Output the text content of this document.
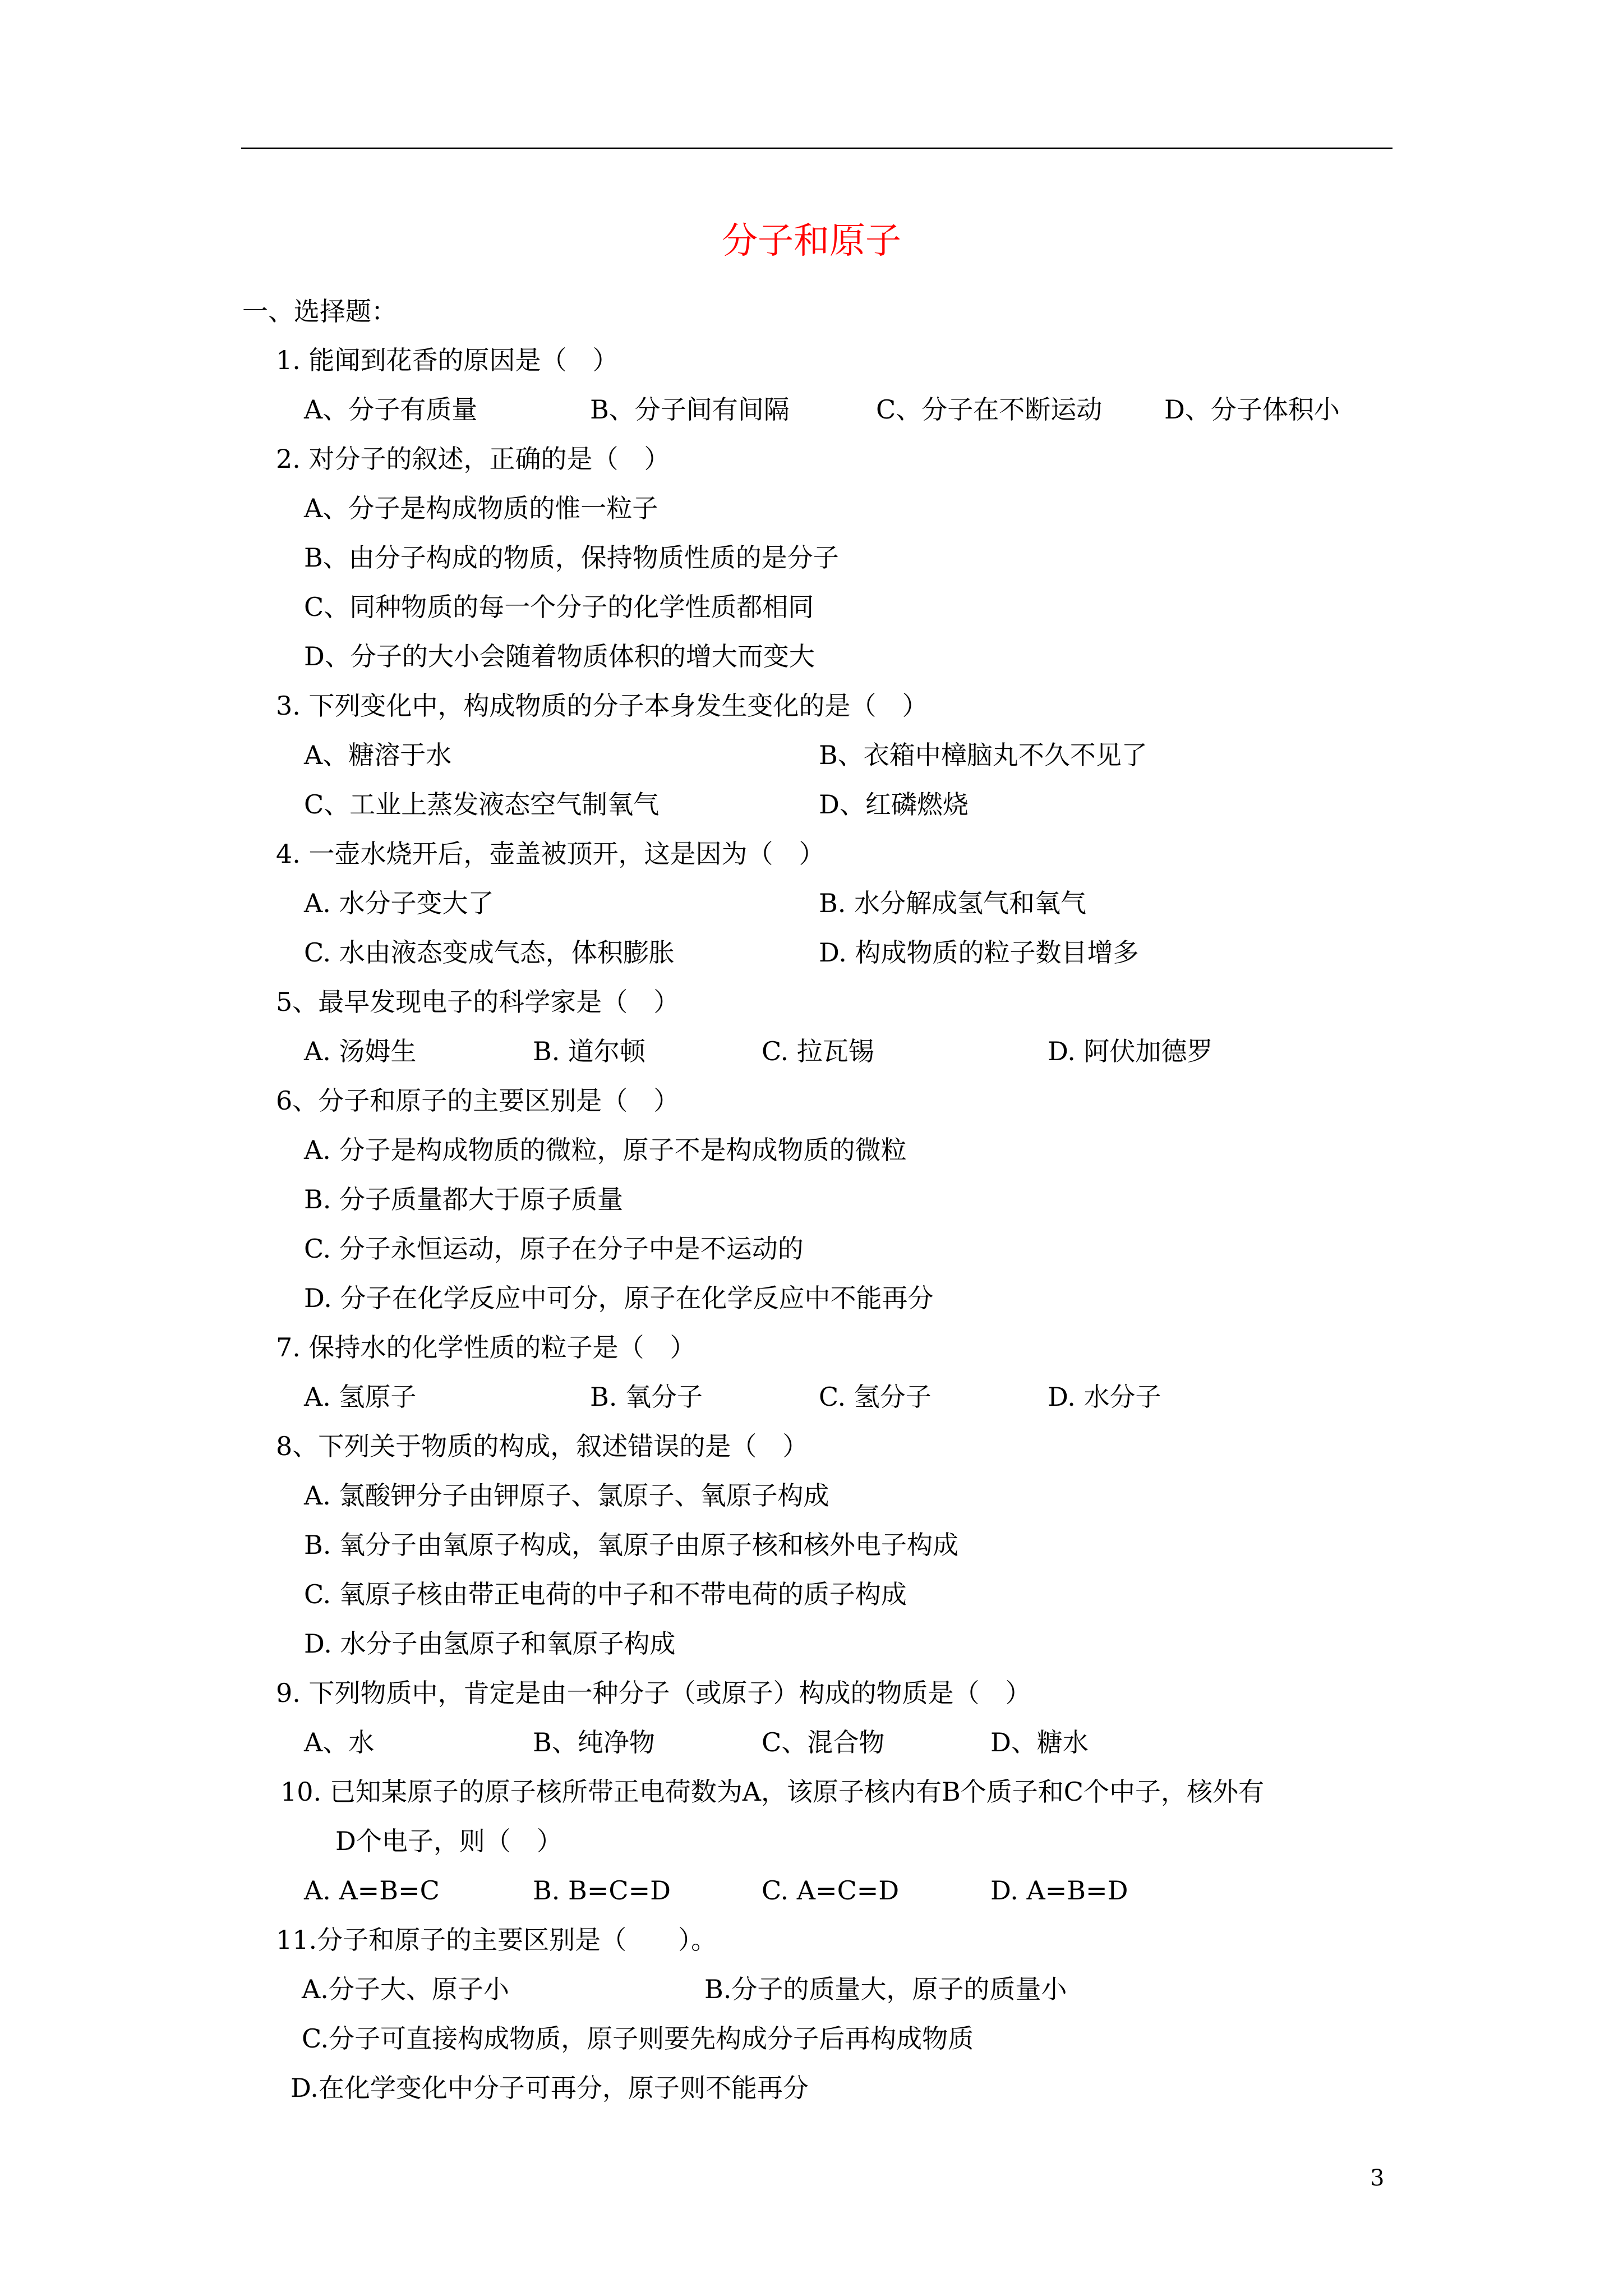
分子和原子
一、选择题：
1. 能闻到花香的原因是（　）
A、分子有质量	B、分子间有间隔	C、分子在不断运动 D、分子体积小
2. 对分子的叙述，正确的是（　）
A、分子是构成物质的惟一粒子
B、由分子构成的物质，保持物质性质的是分子
C、同种物质的每一个分子的化学性质都相同
D、分子的大小会随着物质体积的增大而变大
3. 下列变化中，构成物质的分子本身发生变化的是（　）
A、糖溶于水	B、衣箱中樟脑丸不久不见了
C、工业上蒸发液态空气制氧气	D、红磷燃烧
4. 一壶水烧开后，壶盖被顶开，这是因为（　）
A. 水分子变大了	B. 水分解成氢气和氧气
C. 水由液态变成气态，体积膨胀	D. 构成物质的粒子数目增多
5、最早发现电子的科学家是（　）
A. 汤姆生	B. 道尔顿	C. 拉瓦锡	D. 阿伏加德罗
6、分子和原子的主要区别是（　）
A. 分子是构成物质的微粒，原子不是构成物质的微粒
B. 分子质量都大于原子质量
C. 分子永恒运动，原子在分子中是不运动的
D. 分子在化学反应中可分，原子在化学反应中不能再分
7. 保持水的化学性质的粒子是（　）
A. 氢原子	B. 氧分子	C. 氢分子	D. 水分子
8、下列关于物质的构成，叙述错误的是（　）
A. 氯酸钾分子由钾原子、氯原子、氧原子构成
B. 氧分子由氧原子构成，氧原子由原子核和核外电子构成
C. 氧原子核由带正电荷的中子和不带电荷的质子构成
D. 水分子由氢原子和氧原子构成
9. 下列物质中，肯定是由一种分子（或原子）构成的物质是（　）
A、水	B、纯净物	C、混合物	D、糖水
10. 已知某原子的原子核所带正电荷数为A，该原子核内有B个质子和C个中子，核外有
D个电子，则（　）
A. A=B=C	B. B=C=D	C. A=C=D	D. A=B=D
11.分子和原子的主要区别是（　　）。
A.分子大、原子小	B.分子的质量大，原子的质量小
C.分子可直接构成物质，原子则要先构成分子后再构成物质
D.在化学变化中分子可再分，原子则不能再分
3
